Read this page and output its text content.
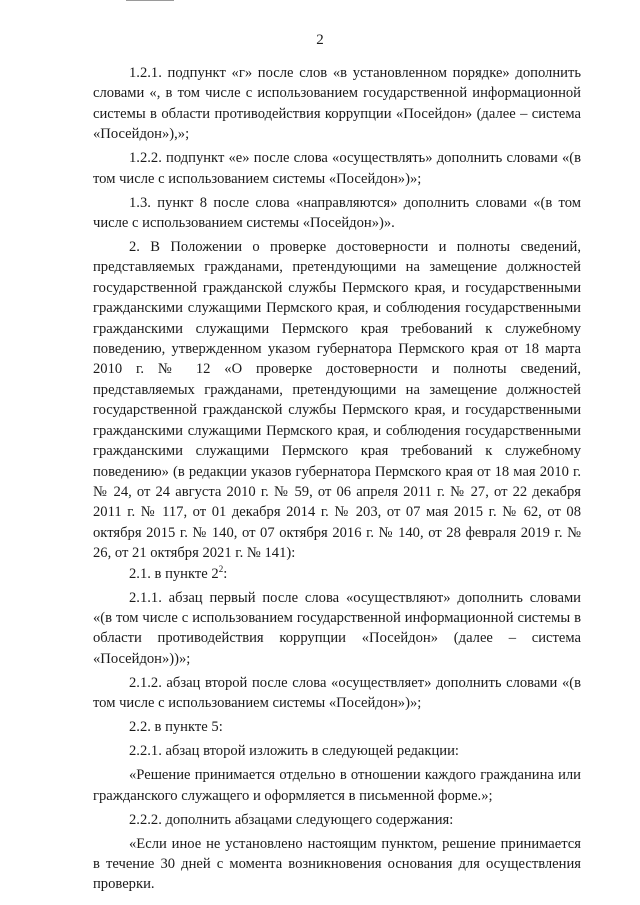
2

1.2.1. подпункт «г» после слов «в установленном порядке» дополнить словами «, в том числе с использованием государственной информационной системы в области противодействия коррупции «Посейдон» (далее – система «Посейдон»),»;

1.2.2. подпункт «е» после слова «осуществлять» дополнить словами «(в том числе с использованием системы «Посейдон»)»;

1.3. пункт 8 после слова «направляются» дополнить словами «(в том числе с использованием системы «Посейдон»)».

2. В Положении о проверке достоверности и полноты сведений, представляемых гражданами, претендующими на замещение должностей государственной гражданской службы Пермского края, и государственными гражданскими служащими Пермского края, и соблюдения государственными гражданскими служащими Пермского края требований к служебному поведению, утвержденном указом губернатора Пермского края от 18 марта 2010 г. № 12 «О проверке достоверности и полноты сведений, представляемых гражданами, претендующими на замещение должностей государственной гражданской службы Пермского края, и государственными гражданскими служащими Пермского края, и соблюдения государственными гражданскими служащими Пермского края требований к служебному поведению» (в редакции указов губернатора Пермского края от 18 мая 2010 г. № 24, от 24 августа 2010 г. № 59, от 06 апреля 2011 г. № 27, от 22 декабря 2011 г. № 117, от 01 декабря 2014 г. № 203, от 07 мая 2015 г. № 62, от 08 октября 2015 г. № 140, от 07 октября 2016 г. № 140, от 28 февраля 2019 г. № 26, от 21 октября 2021 г. № 141):

2.1. в пункте $2^2$:

2.1.1. абзац первый после слова «осуществляют» дополнить словами «(в том числе с использованием государственной информационной системы в области противодействия коррупции «Посейдон» (далее – система «Посейдон»))»;

2.1.2. абзац второй после слова «осуществляет» дополнить словами «(в том числе с использованием системы «Посейдон»)»;

2.2. в пункте 5:

2.2.1. абзац второй изложить в следующей редакции:

«Решение принимается отдельно в отношении каждого гражданина или гражданского служащего и оформляется в письменной форме.»;

2.2.2. дополнить абзацами следующего содержания:

«Если иное не установлено настоящим пунктом, решение принимается в течение 30 дней с момента возникновения основания для осуществления проверки.
